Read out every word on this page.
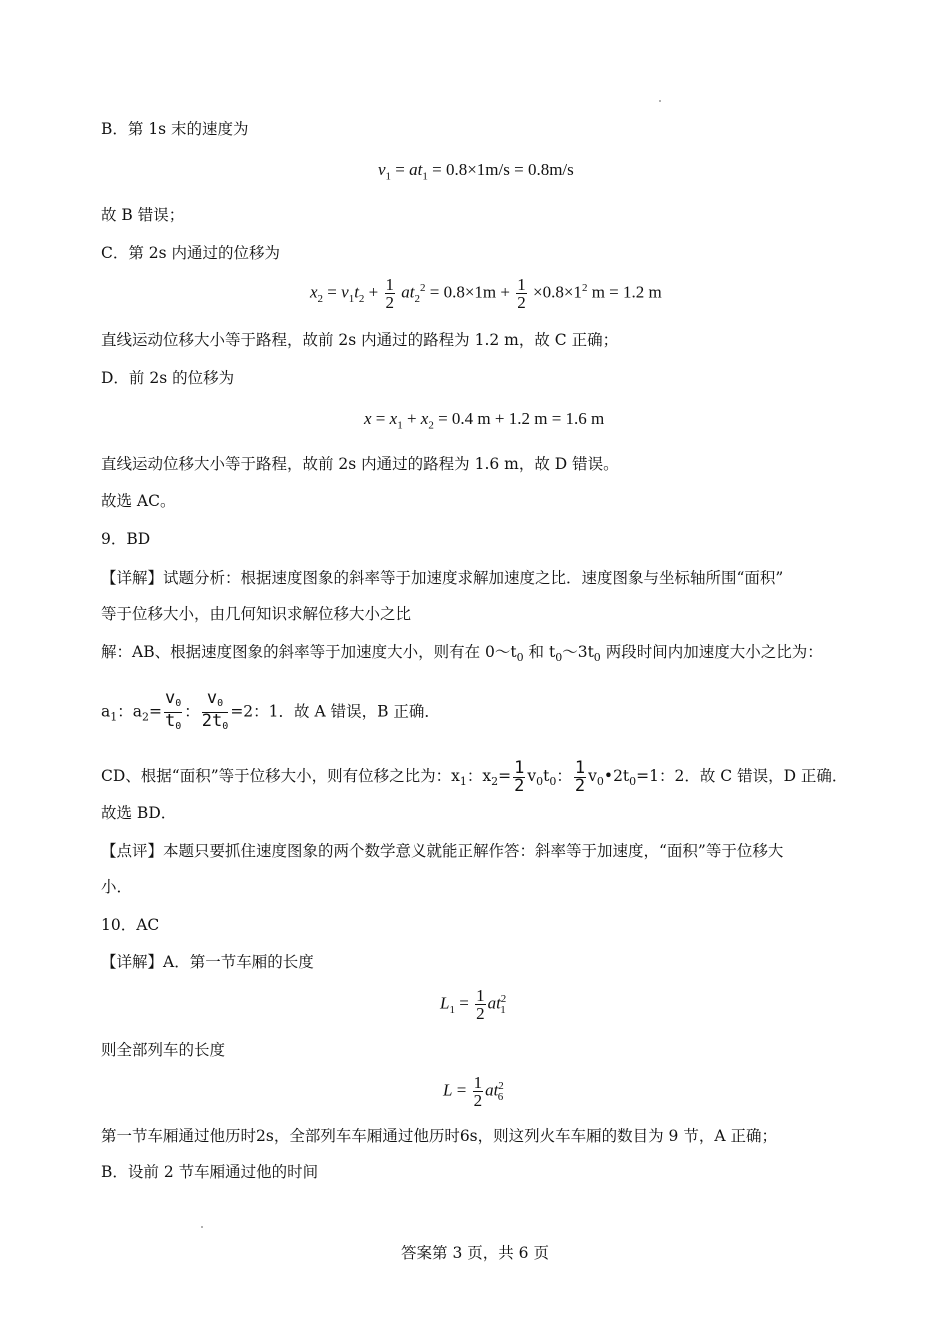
B．第 1s 末的速度为
$v_1 = at_1 = 0.8\times 1m/s = 0.8m/s$
故 B 错误；
C．第 2s 内通过的位移为
$x_2 = v_1t_2 + \frac{1}{2} at_2^2 = 0.8\times 1m + \frac{1}{2} \times 0.8\times 1^2$ m = 1.2 m
直线运动位移大小等于路程，故前 2s 内通过的路程为 1.2 m，故 C 正确；
D．前 2s 的位移为
$x = x_1 + x_2 = 0.4$ m + 1.2 m = 1.6 m
直线运动位移大小等于路程，故前 2s 内通过的路程为 1.6 m，故 D 错误。
故选 AC。
9．BD
【详解】试题分析：根据速度图象的斜率等于加速度求解加速度之比．速度图象与坐标轴所围“面积”
等于位移大小，由几何知识求解位移大小之比
解：AB、根据速度图象的斜率等于加速度大小，则有在 $0\sim t_0$ 和 $t_0\sim 3t_0$ 两段时间内加速度大小之比为：
$a_1$：$a_2= \frac{v0}{t0}$ ： $\frac{v0}{2t0} =2$：1．故 A 错误，B 正确．
CD、根据“面积”等于位移大小，则有位移之比为：$x_1$：$x_2= \frac{1}{2} v_0t_0$： $\frac{1}{2}$ $v_0•2t_0=1$：2．故 C 错误，D 正确．
故选 BD．
【点评】本题只要抓住速度图象的两个数学意义就能正解作答：斜率等于加速度，“面积”等于位移大
小．
10．AC
【详解】A．第一节车厢的长度
$L_1 = \frac{1}{2} at^2_1$
则全部列车的长度
$L = \frac{1}{2} at^2_6$
第一节车厢通过他历时2s，全部列车车厢通过他历时6s，则这列火车车厢的数目为 9 节，A 正确；
B．设前 2 节车厢通过他的时间
答案第 3 页，共 6 页
